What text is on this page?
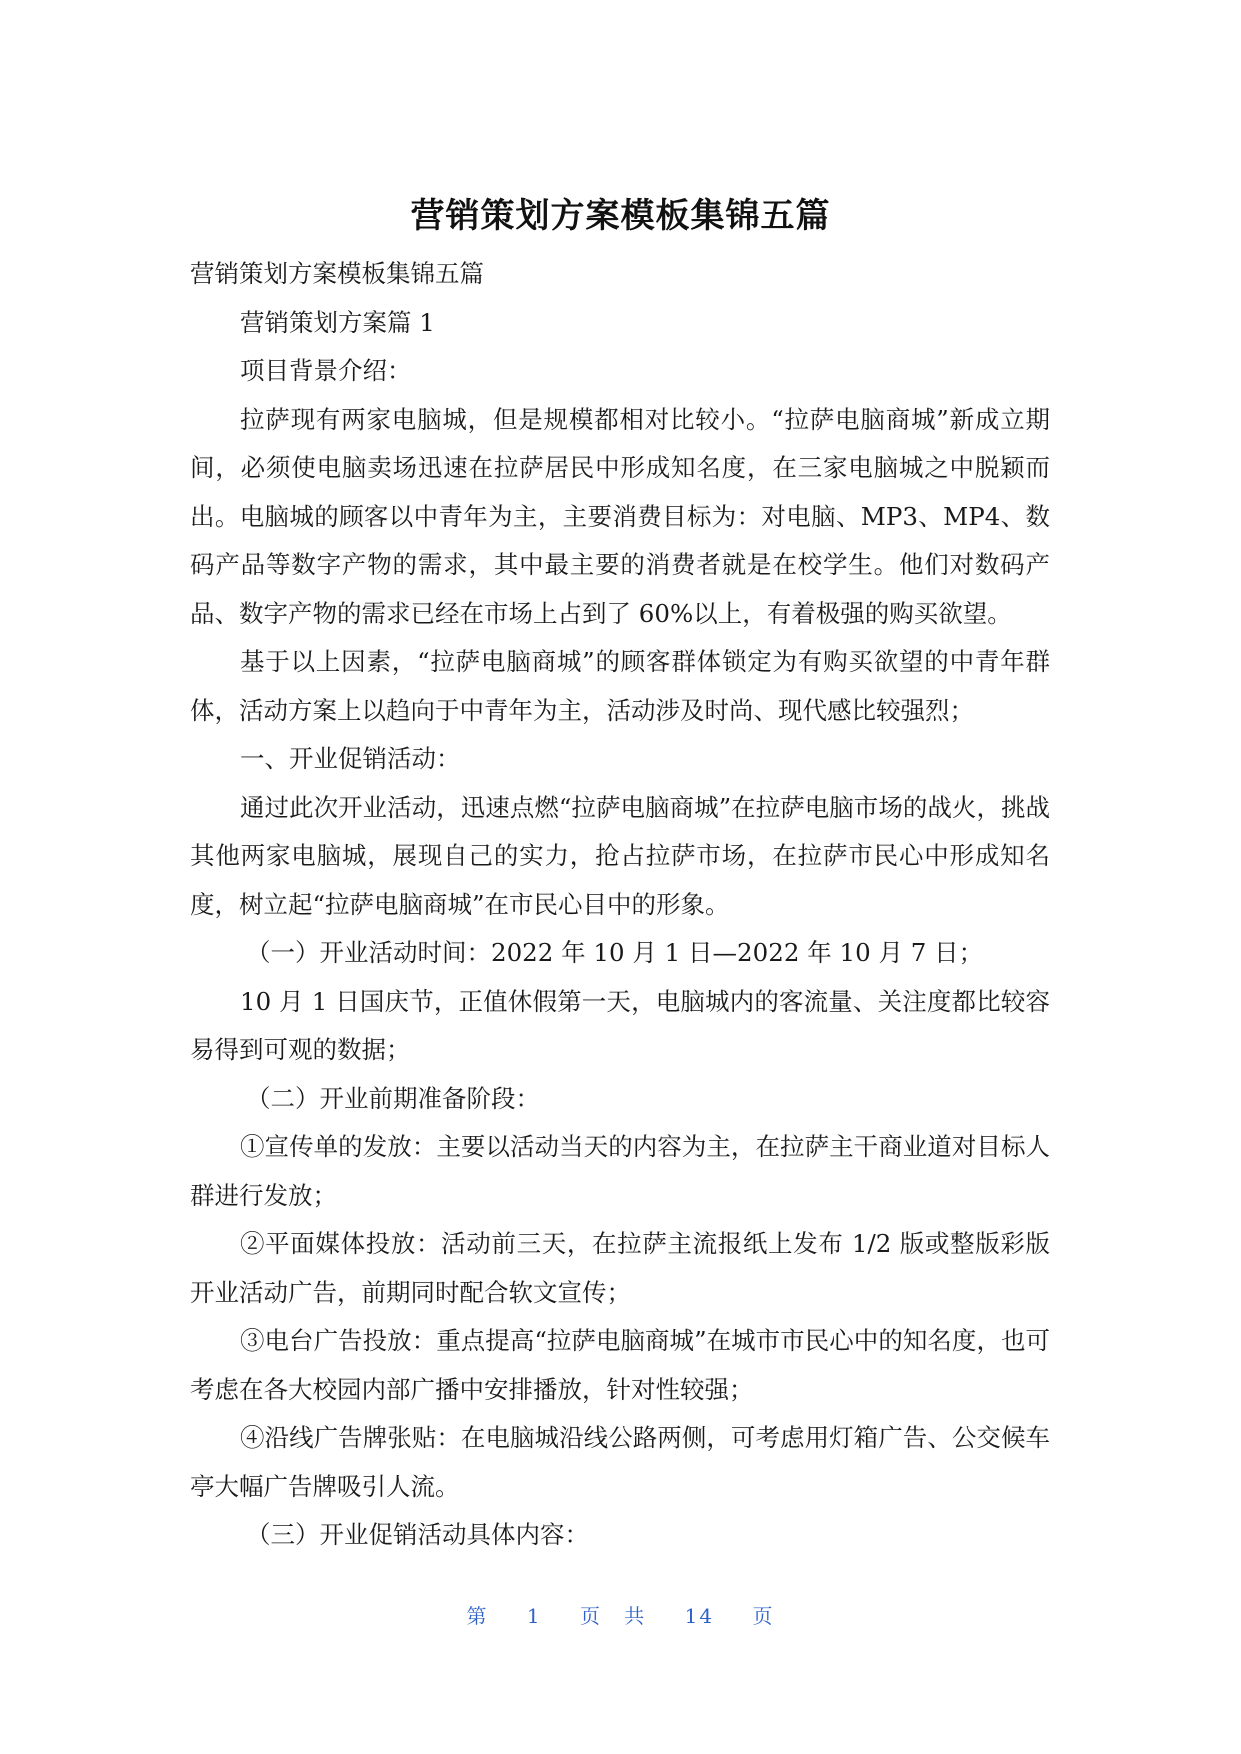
营销策划方案模板集锦五篇

营销策划方案模板集锦五篇

营销策划方案篇 1

项目背景介绍：

拉萨现有两家电脑城，但是规模都相对比较小。“拉萨电脑商城”新成立期间，必须使电脑卖场迅速在拉萨居民中形成知名度，在三家电脑城之中脱颖而出。电脑城的顾客以中青年为主，主要消费目标为：对电脑、MP3、MP4、数码产品等数字产物的需求，其中最主要的消费者就是在校学生。他们对数码产品、数字产物的需求已经在市场上占到了 60%以上，有着极强的购买欲望。

基于以上因素，“拉萨电脑商城”的顾客群体锁定为有购买欲望的中青年群体，活动方案上以趋向于中青年为主，活动涉及时尚、现代感比较强烈；

一、开业促销活动：

通过此次开业活动，迅速点燃“拉萨电脑商城”在拉萨电脑市场的战火，挑战其他两家电脑城，展现自己的实力，抢占拉萨市场，在拉萨市民心中形成知名度，树立起“拉萨电脑商城”在市民心目中的形象。

（一）开业活动时间：2022 年 10 月 1 日—2022 年 10 月 7 日；

10 月 1 日国庆节，正值休假第一天，电脑城内的客流量、关注度都比较容易得到可观的数据；

（二）开业前期准备阶段：

①宣传单的发放：主要以活动当天的内容为主，在拉萨主干商业道对目标人群进行发放；

②平面媒体投放：活动前三天，在拉萨主流报纸上发布 1/2 版或整版彩版开业活动广告，前期同时配合软文宣传；

③电台广告投放：重点提高“拉萨电脑商城”在城市市民心中的知名度，也可考虑在各大校园内部广播中安排播放，针对性较强；

④沿线广告牌张贴：在电脑城沿线公路两侧，可考虑用灯箱广告、公交候车亭大幅广告牌吸引人流。

（三）开业促销活动具体内容：

第 1 页 共 14 页
